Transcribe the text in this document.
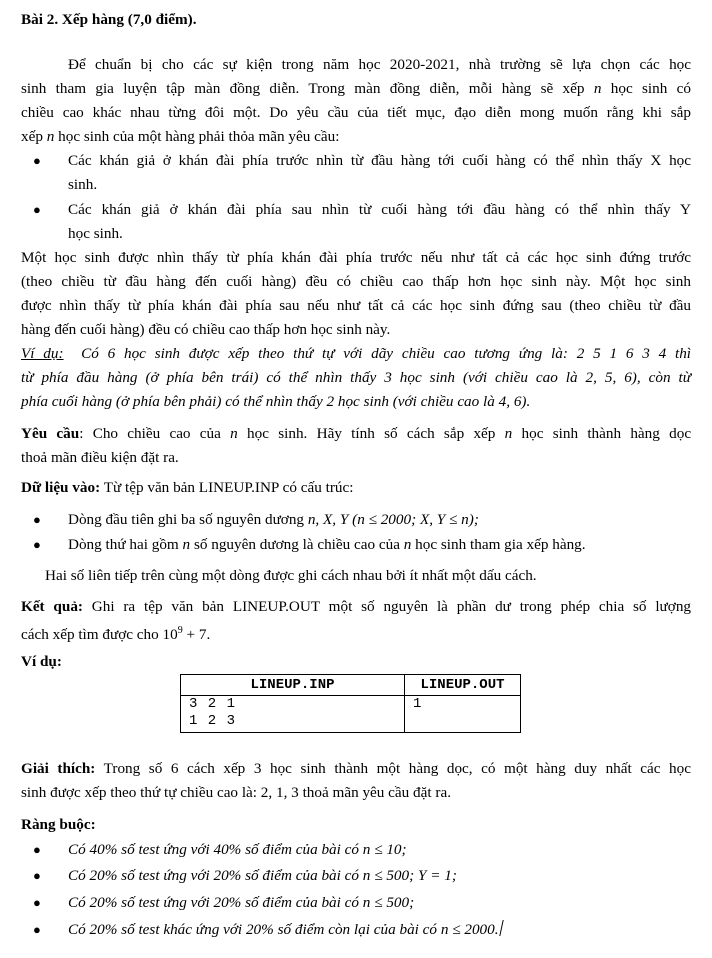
Bài 2. Xếp hàng (7,0 điểm).
Để chuẩn bị cho các sự kiện trong năm học 2020-2021, nhà trường sẽ lựa chọn các học
sinh tham gia luyện tập màn đồng diễn. Trong màn đồng diễn, mỗi hàng sẽ xếp n học sinh có
chiều cao khác nhau từng đôi một. Do yêu cầu của tiết mục, đạo diễn mong muốn rằng khi sắp
xếp n học sinh của một hàng phải thỏa mãn yêu cầu:
● Các khán giả ở khán đài phía trước nhìn từ đầu hàng tới cuối hàng có thể nhìn thấy X học
sinh.
● Các khán giả ở khán đài phía sau nhìn từ cuối hàng tới đầu hàng có thể nhìn thấy Y
học sinh.
Một học sinh được nhìn thấy từ phía khán đài phía trước nếu như tất cả các học sinh đứng trước
(theo chiều từ đầu hàng đến cuối hàng) đều có chiều cao thấp hơn học sinh này. Một học sinh
được nhìn thấy từ phía khán đài phía sau nếu như tất cả các học sinh đứng sau (theo chiều từ đầu
hàng đến cuối hàng) đều có chiều cao thấp hơn học sinh này.
Ví dụ: Có 6 học sinh được xếp theo thứ tự với dãy chiều cao tương ứng là: 2 5 1 6 3 4 thì
từ phía đầu hàng (ở phía bên trái) có thể nhìn thấy 3 học sinh (với chiều cao là 2, 5, 6), còn từ
phía cuối hàng (ở phía bên phải) có thể nhìn thấy 2 học sinh (với chiều cao là 4, 6).
Yêu cầu: Cho chiều cao của n học sinh. Hãy tính số cách sắp xếp n học sinh thành hàng dọc
thoả mãn điều kiện đặt ra.
Dữ liệu vào: Từ tệp văn bản LINEUP.INP có cấu trúc:
● Dòng đầu tiên ghi ba số nguyên dương n, X, Y (n ≤ 2000; X, Y ≤ n);
● Dòng thứ hai gồm n số nguyên dương là chiều cao của n học sinh tham gia xếp hàng.
Hai số liên tiếp trên cùng một dòng được ghi cách nhau bởi ít nhất một dấu cách.
Kết quả: Ghi ra tệp văn bản LINEUP.OUT một số nguyên là phần dư trong phép chia số lượng
cách xếp tìm được cho $10^9 + 7$.
Ví dụ:
LINEUP.INP	LINEUP.OUT

3 2 1
1 2 3	1
Giải thích: Trong số 6 cách xếp 3 học sinh thành một hàng dọc, có một hàng duy nhất các học
sinh được xếp theo thứ tự chiều cao là: 2, 1, 3 thoả mãn yêu cầu đặt ra.
Ràng buộc:
● Có 40% số test ứng với 40% số điểm của bài có n ≤ 10;
● Có 20% số test ứng với 20% số điểm của bài có n ≤ 500; Y = 1;
● Có 20% số test ứng với 20% số điểm của bài có n ≤ 500;
● Có 20% số test khác ứng với 20% số điểm còn lại của bài có n ≤ 2000.
